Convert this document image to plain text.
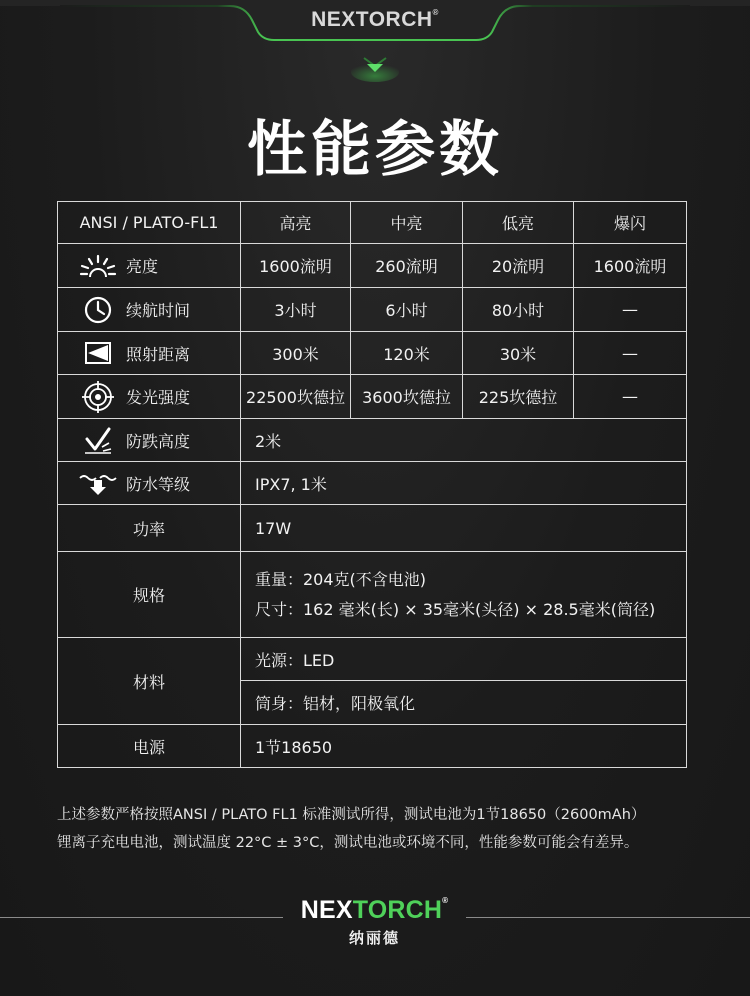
NEXTORCH®
性能参数
ANSI / PLATO-FL1	高亮	中亮	低亮	爆闪

亮度	1600流明	260流明	20流明	1600流明

续航时间	3小时	6小时	80小时	—

照射距离	300米	120米	30米	—

发光强度	22500坎德拉	3600坎德拉	225坎德拉	—

防跌高度	2米			

防水等级	IPX7, 1米			
功率	17W			
规格	重量：204克(不含电池)
尺寸：162 毫米(长) × 35毫米(头径) × 28.5毫米(筒径)			

材料	光源：LED			
	筒身：铝材，阳极氧化			
电源	1节18650			
上述参数严格按照ANSI / PLATO FL1 标准测试所得，测试电池为1节18650（2600mAh）
锂离子充电电池，测试温度 22°C ± 3°C，测试电池或环境不同，性能参数可能会有差异。
NEXTORCH®
纳丽德
